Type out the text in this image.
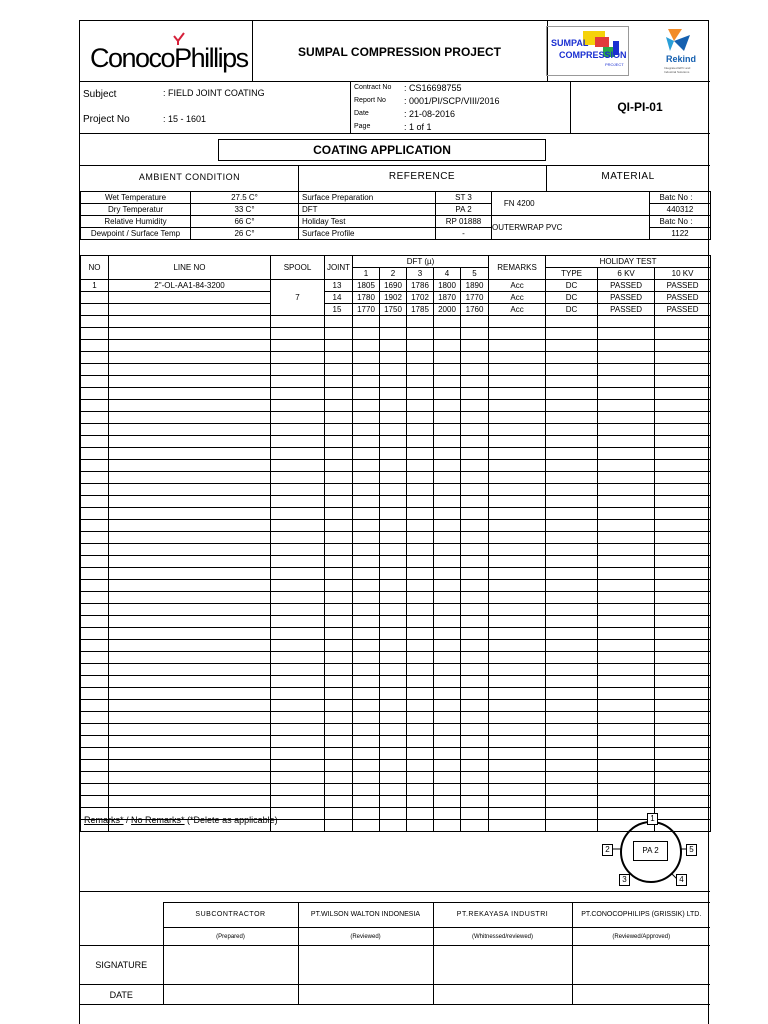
ConocoPhillips	SUMPAL COMPRESSION PROJECT
SUMPAL
COMPRESSION
PROJECT
Rekind
Integrated EPC and Industrial Solutions
Subject	: FIELD JOINT COATING
Project No	: 15 - 1601
Contract No : CS16698755
Report No : 0001/PI/SCP/VIII/2016
Date	: 21-08-2016
Page	: 1 of 1
QI-PI-01
COATING APPLICATION
AMBIENT CONDITION	REFERENCE	MATERIAL
Wet Temperature	27.5 C°	Surface Preparation	ST 3	FN 4200		Batc No :
Dry Temperatur	33 C°	DFT	PA 2			440312
Relative Humidity	66 C°	Holiday Test	RP 01888	OUTERWRAP PVC		Batc No :
Dewpoint / Surface Temp	26 C°	Surface Profile	-			1122
NO	LINE NO	SPOOL	JOINT	DFT (µ)					REMARKS	HOLIDAY TEST		
				1	2	3	4	5		TYPE	6 KV	10 KV
1	2"-OL-AA1-84-3200	7	13	1805	1690	1786	1800	1890	Acc	DC	PASSED	PASSED
			14	1780	1902	1702	1870	1770	Acc	DC	PASSED	PASSED
			15	1770	1750	1785	2000	1760	Acc	DC	PASSED	PASSED

Remarks* / No Remarks* (*Delete as applicable)
PA 2
1
2
3	4
5
	SUBCONTRACTOR	PT.WILSON WALTON INDONESIA	PT.REKAYASA INDUSTRI	PT.CONOCOPHILIPS (GRISSIK) LTD.
	(Prepared)	(Reviewed)	(Whitnessed/reviewed)	(Reviewed/Approved)
SIGNATURE				
DATE				
